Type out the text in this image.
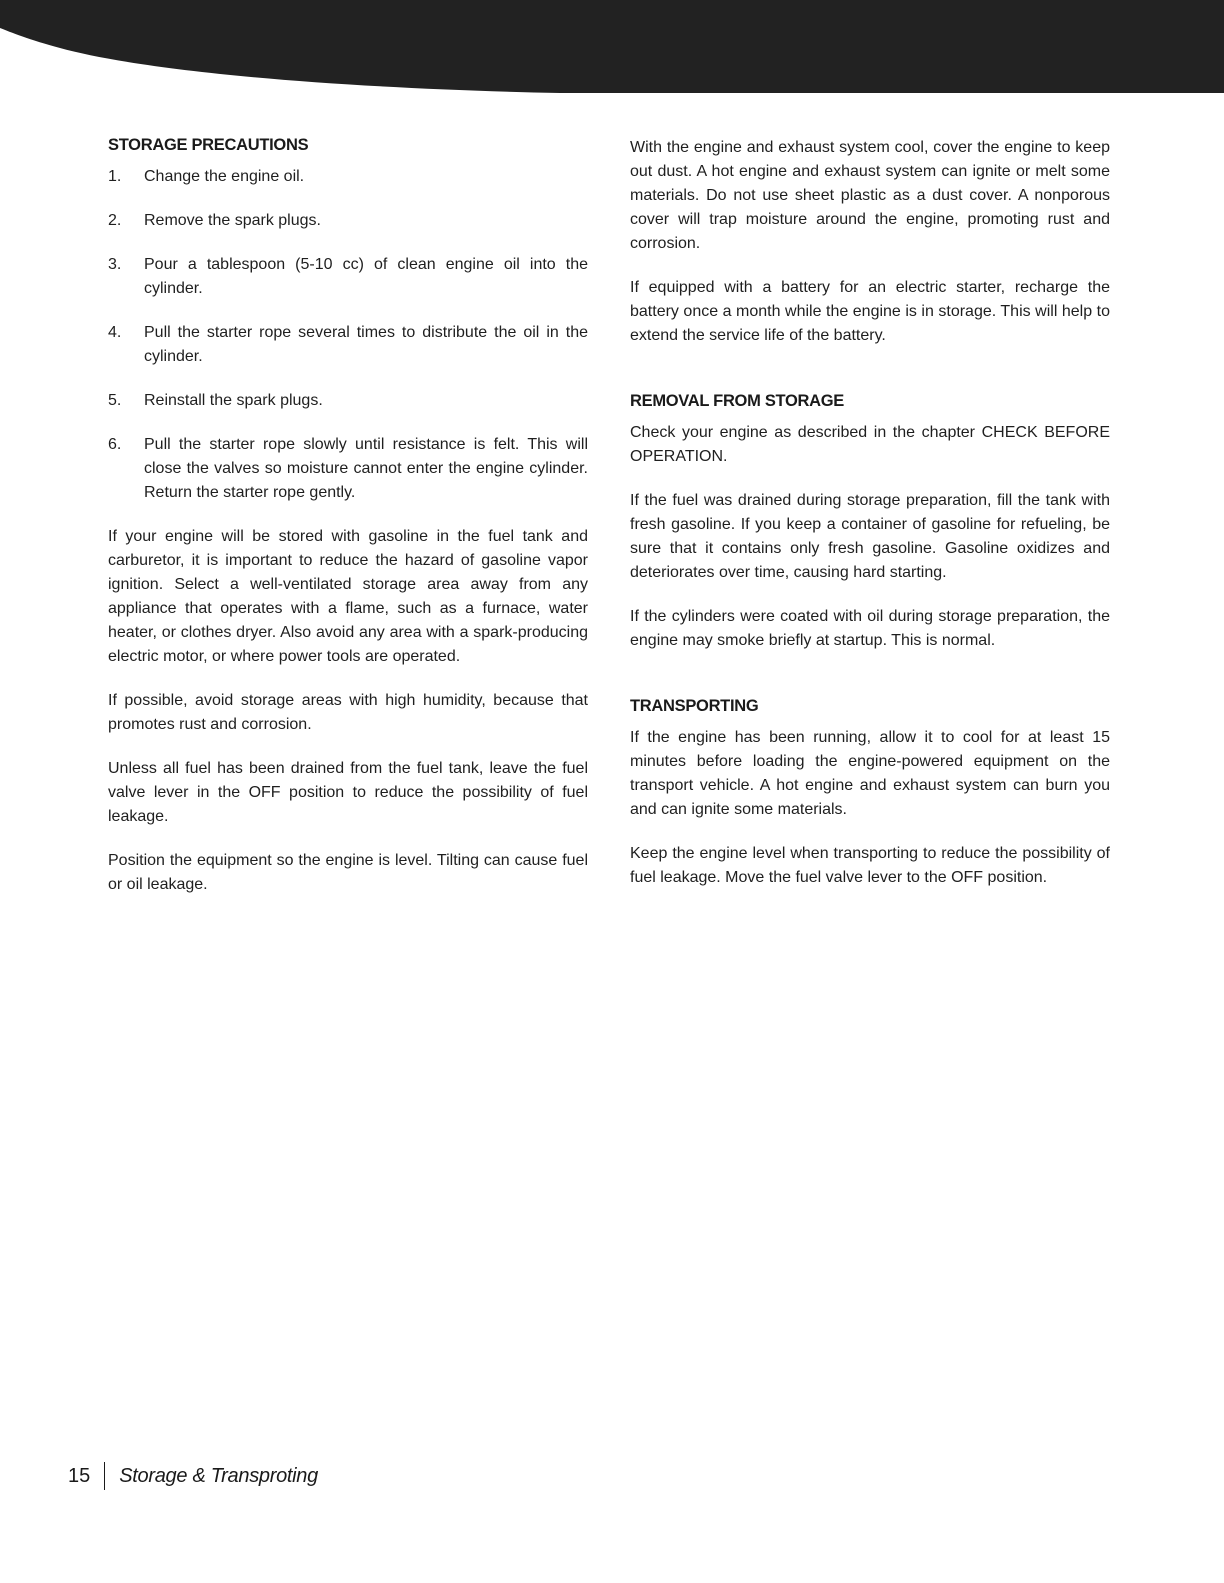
STORAGE PRECAUTIONS
1.	Change the engine oil.
2.	Remove the spark plugs.
3.	Pour a tablespoon (5-10 cc) of clean engine oil into the cylinder.
4.	Pull the starter rope several times to distribute the oil in the cylinder.
5.	Reinstall the spark plugs.
6.	Pull the starter rope slowly until resistance is felt. This will close the valves so moisture cannot enter the engine cylinder. Return the starter rope gently.

If your engine will be stored with gasoline in the fuel tank and carburetor, it is important to reduce the hazard of gasoline vapor ignition. Select a well-ventilated storage area away from any appliance that operates with a flame, such as a furnace, water heater, or clothes dryer. Also avoid any area with a spark-producing electric motor, or where power tools are operated.

If possible, avoid storage areas with high humidity, because that promotes rust and corrosion.

Unless all fuel has been drained from the fuel tank, leave the fuel valve lever in the OFF position to reduce the possibility of fuel leakage.

Position the equipment so the engine is level. Tilting can cause fuel or oil leakage.

With the engine and exhaust system cool, cover the engine to keep out dust. A hot engine and exhaust system can ignite or melt some materials. Do not use sheet plastic as a dust cover. A nonporous cover will trap moisture around the engine, promoting rust and corrosion.

If equipped with a battery for an electric starter, recharge the battery once a month while the engine is in storage. This will help to extend the service life of the battery.

REMOVAL FROM STORAGE

Check your engine as described in the chapter CHECK BEFORE OPERATION.

If the fuel was drained during storage preparation, fill the tank with fresh gasoline. If you keep a container of gasoline for refueling, be sure that it contains only fresh gasoline. Gasoline oxidizes and deteriorates over time, causing hard starting.

If the cylinders were coated with oil during storage preparation, the engine may smoke briefly at startup. This is normal.

TRANSPORTING

If the engine has been running, allow it to cool for at least 15 minutes before loading the engine-powered equipment on the transport vehicle. A hot engine and exhaust system can burn you and can ignite some materials.

Keep the engine level when transporting to reduce the possibility of fuel leakage. Move the fuel valve lever to the OFF position.

15 Storage & Transproting
